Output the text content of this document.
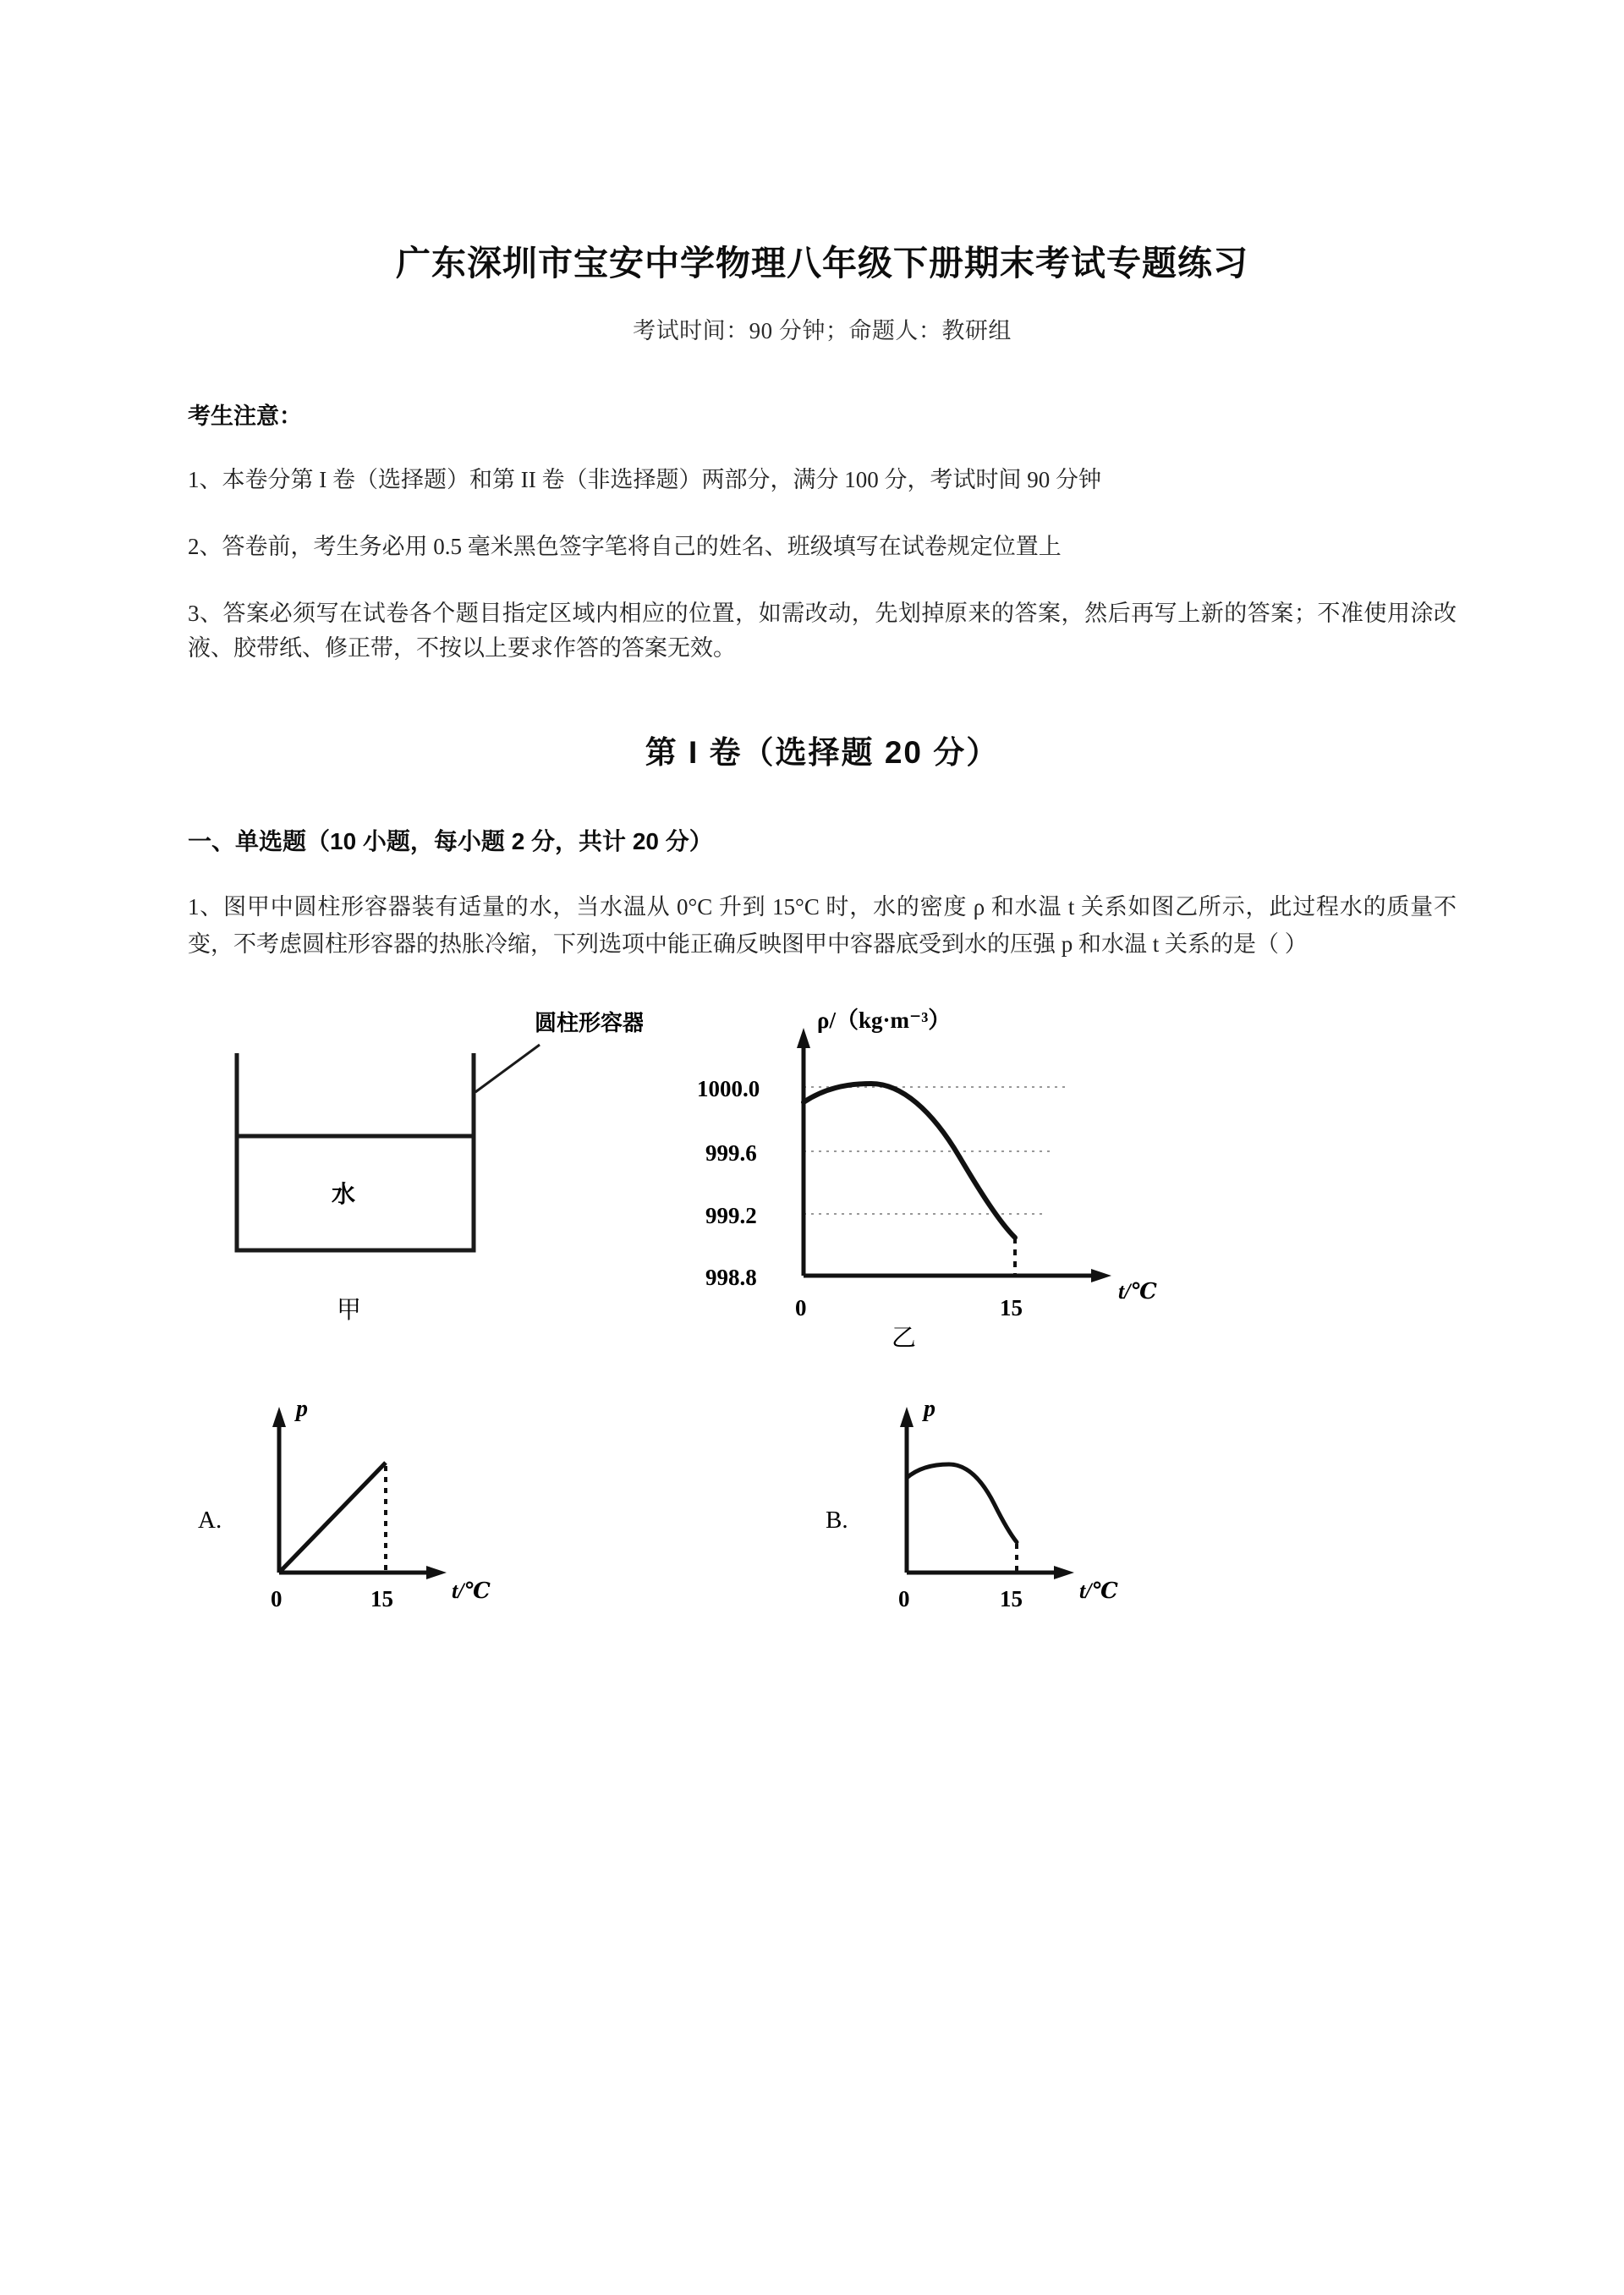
广东深圳市宝安中学物理八年级下册期末考试专题练习
考试时间：90 分钟；命题人：教研组
考生注意：
1、本卷分第 I 卷（选择题）和第 II 卷（非选择题）两部分，满分 100 分，考试时间 90 分钟
2、答卷前，考生务必用 0.5 毫米黑色签字笔将自己的姓名、班级填写在试卷规定位置上
3、答案必须写在试卷各个题目指定区域内相应的位置，如需改动，先划掉原来的答案，然后再写上新的答案；不准使用涂改液、胶带纸、修正带，不按以上要求作答的答案无效。
第 I 卷（选择题 20 分）
一、单选题（10 小题，每小题 2 分，共计 20 分）
1、图甲中圆柱形容器装有适量的水，当水温从 0°C 升到 15°C 时，水的密度 ρ 和水温 t 关系如图乙所示，此过程水的质量不变，不考虑圆柱形容器的热胀冷缩，下列选项中能正确反映图甲中容器底受到水的压强 p 和水温 t 关系的是（ ）
圆柱形容器
水
甲
ρ/（kg·m⁻³）
1000.0
999.6
999.2
998.8
0	15
t/℃
乙
A.
p
0	15	t/℃
B.
p
0	15	t/℃
